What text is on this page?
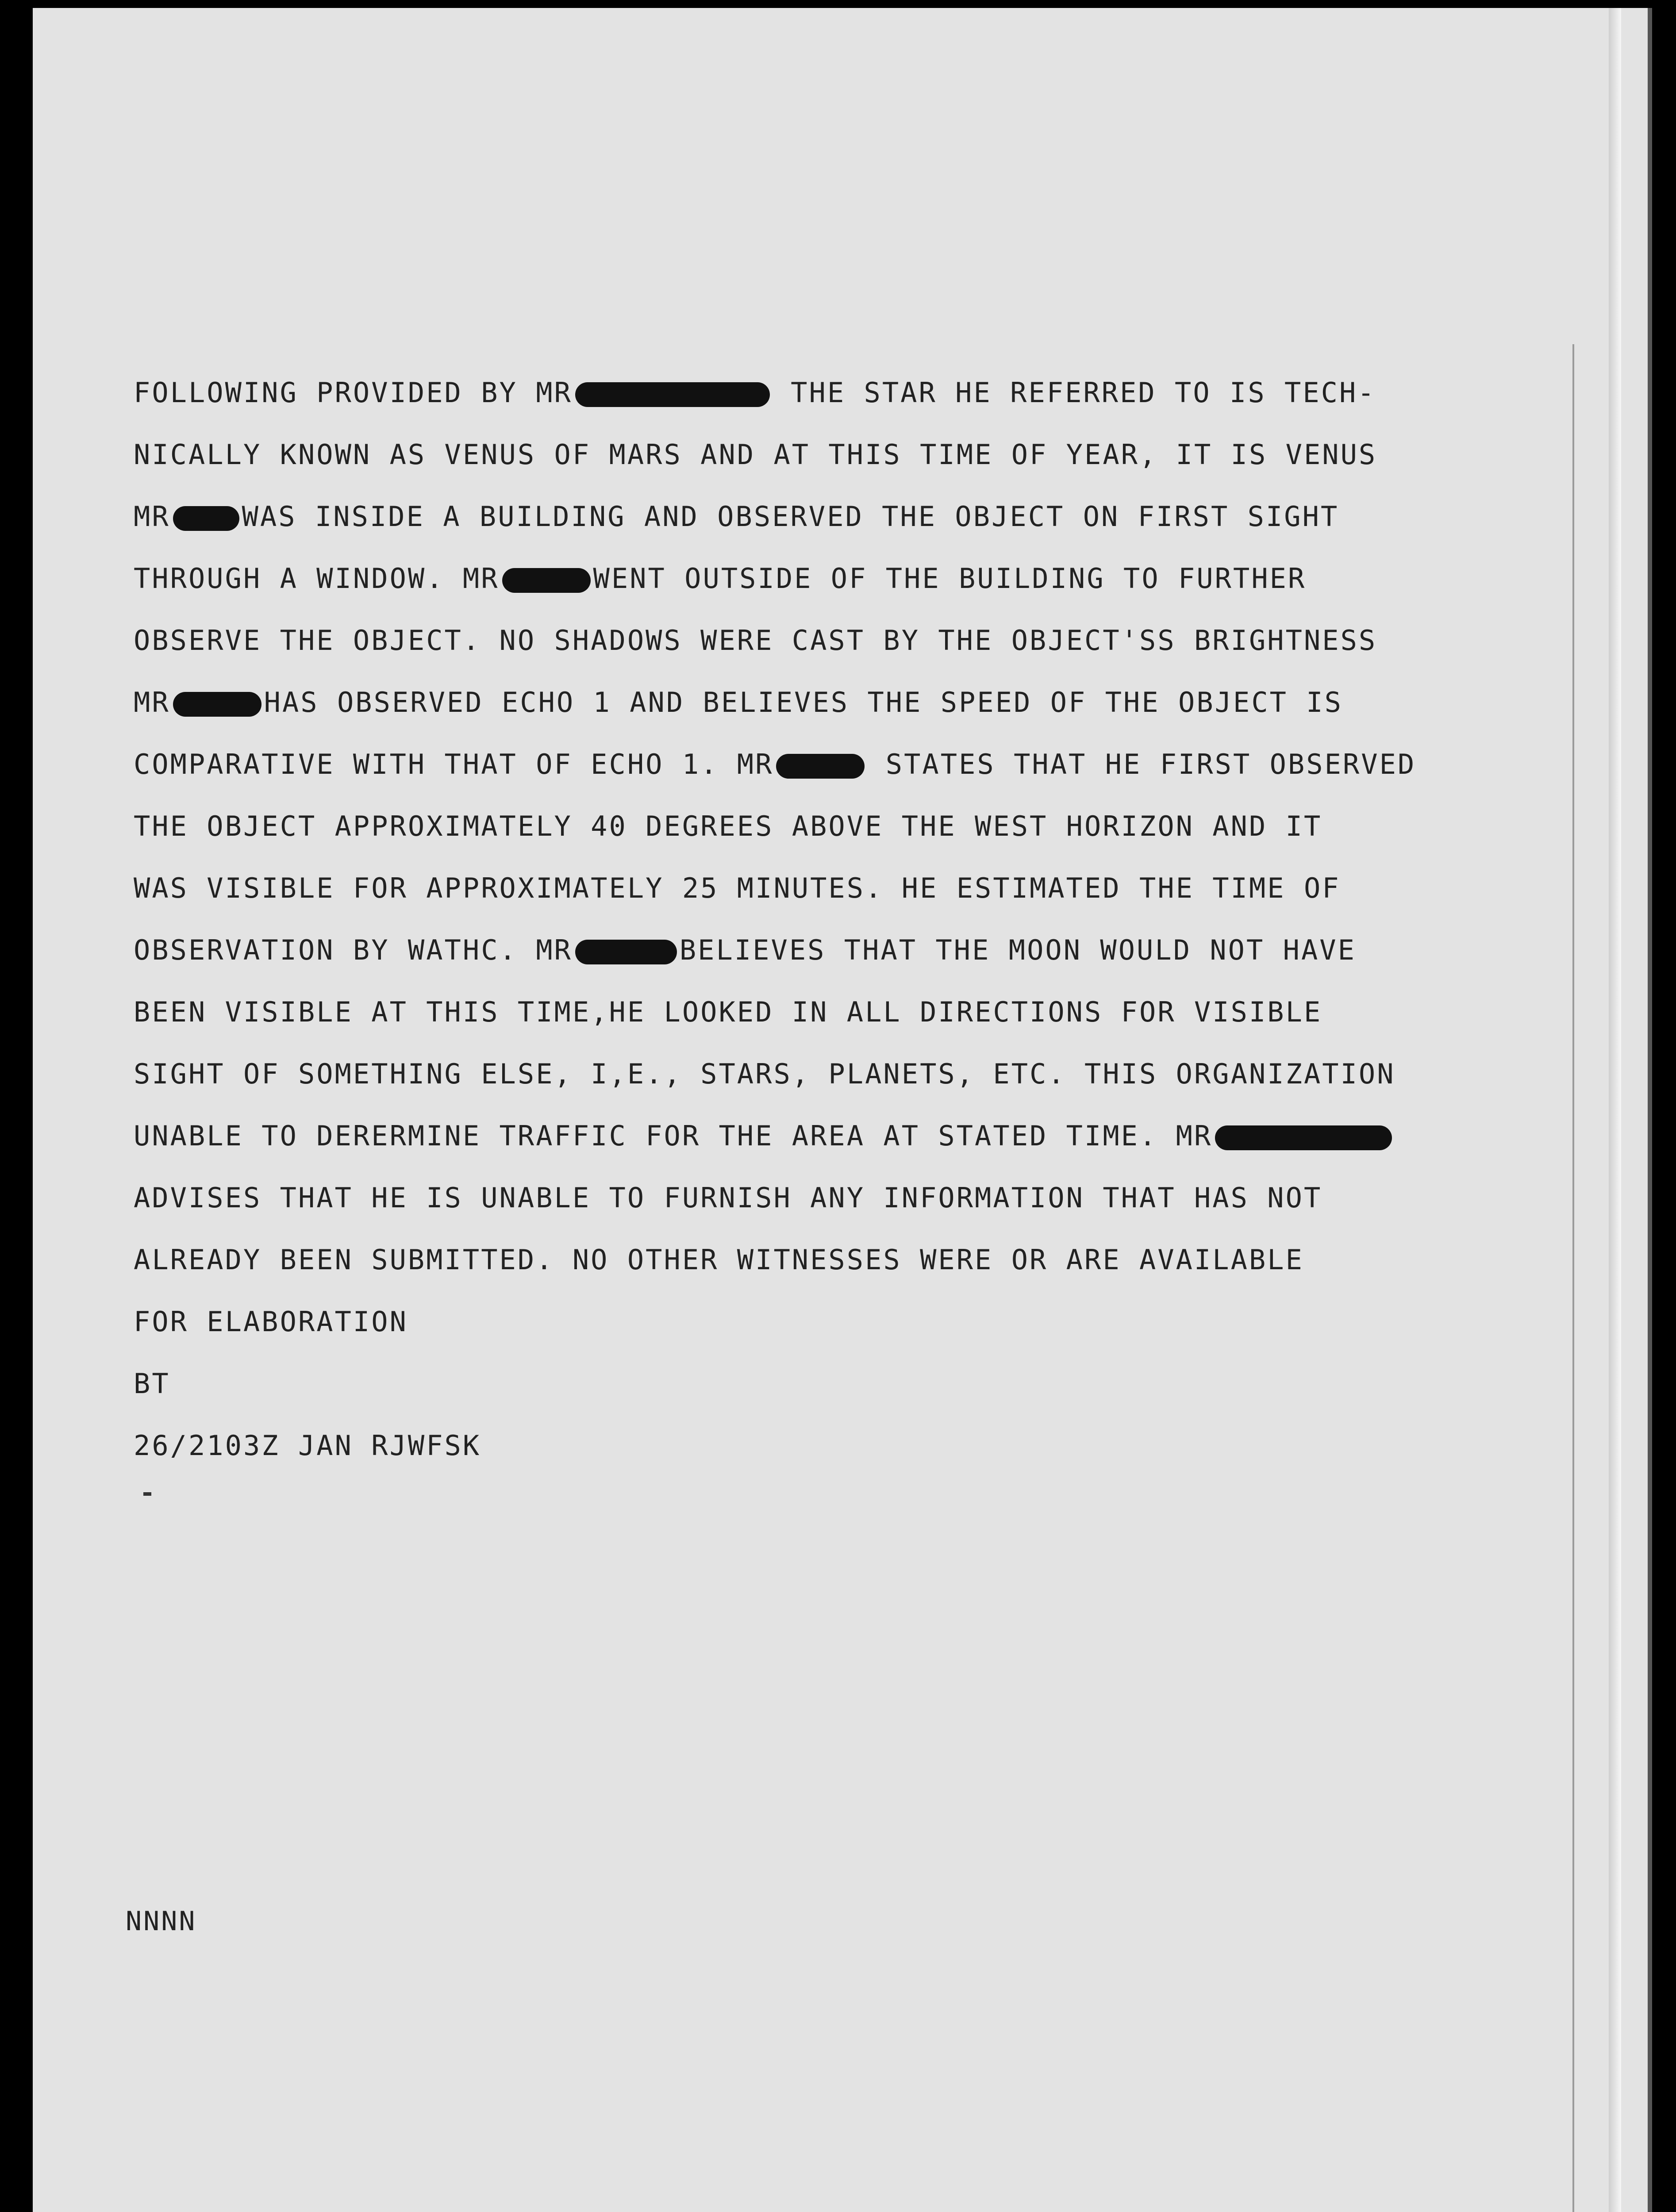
FOLLOWING PROVIDED BY MR	THE STAR HE REFERRED TO IS TECH-
NICALLY KNOWN AS VENUS OF MARS AND AT THIS TIME OF YEAR, IT IS VENUS
MR	WAS INSIDE A BUILDING AND OBSERVED THE OBJECT ON FIRST SIGHT
THROUGH A WINDOW. MR	WENT OUTSIDE OF THE BUILDING TO FURTHER
OBSERVE THE OBJECT. NO SHADOWS WERE CAST BY THE OBJECT'SS BRIGHTNESS
MR	HAS OBSERVED ECHO 1 AND BELIEVES THE SPEED OF THE OBJECT IS
COMPARATIVE WITH THAT OF ECHO 1. MR	STATES THAT HE FIRST OBSERVED
THE OBJECT APPROXIMATELY 40 DEGREES ABOVE THE WEST HORIZON AND IT
WAS VISIBLE FOR APPROXIMATELY 25 MINUTES. HE ESTIMATED THE TIME OF
OBSERVATION BY WATHC. MR	BELIEVES THAT THE MOON WOULD NOT HAVE
BEEN VISIBLE AT THIS TIME,HE LOOKED IN ALL DIRECTIONS FOR VISIBLE
SIGHT OF SOMETHING ELSE, I,E., STARS, PLANETS, ETC. THIS ORGANIZATION
UNABLE TO DERERMINE TRAFFIC FOR THE AREA AT STATED TIME. MR
ADVISES THAT HE IS UNABLE TO FURNISH ANY INFORMATION THAT HAS NOT
ALREADY BEEN SUBMITTED. NO OTHER WITNESSES WERE OR ARE AVAILABLE
FOR ELABORATION
BT
26/2103Z JAN RJWFSK
NNNN
